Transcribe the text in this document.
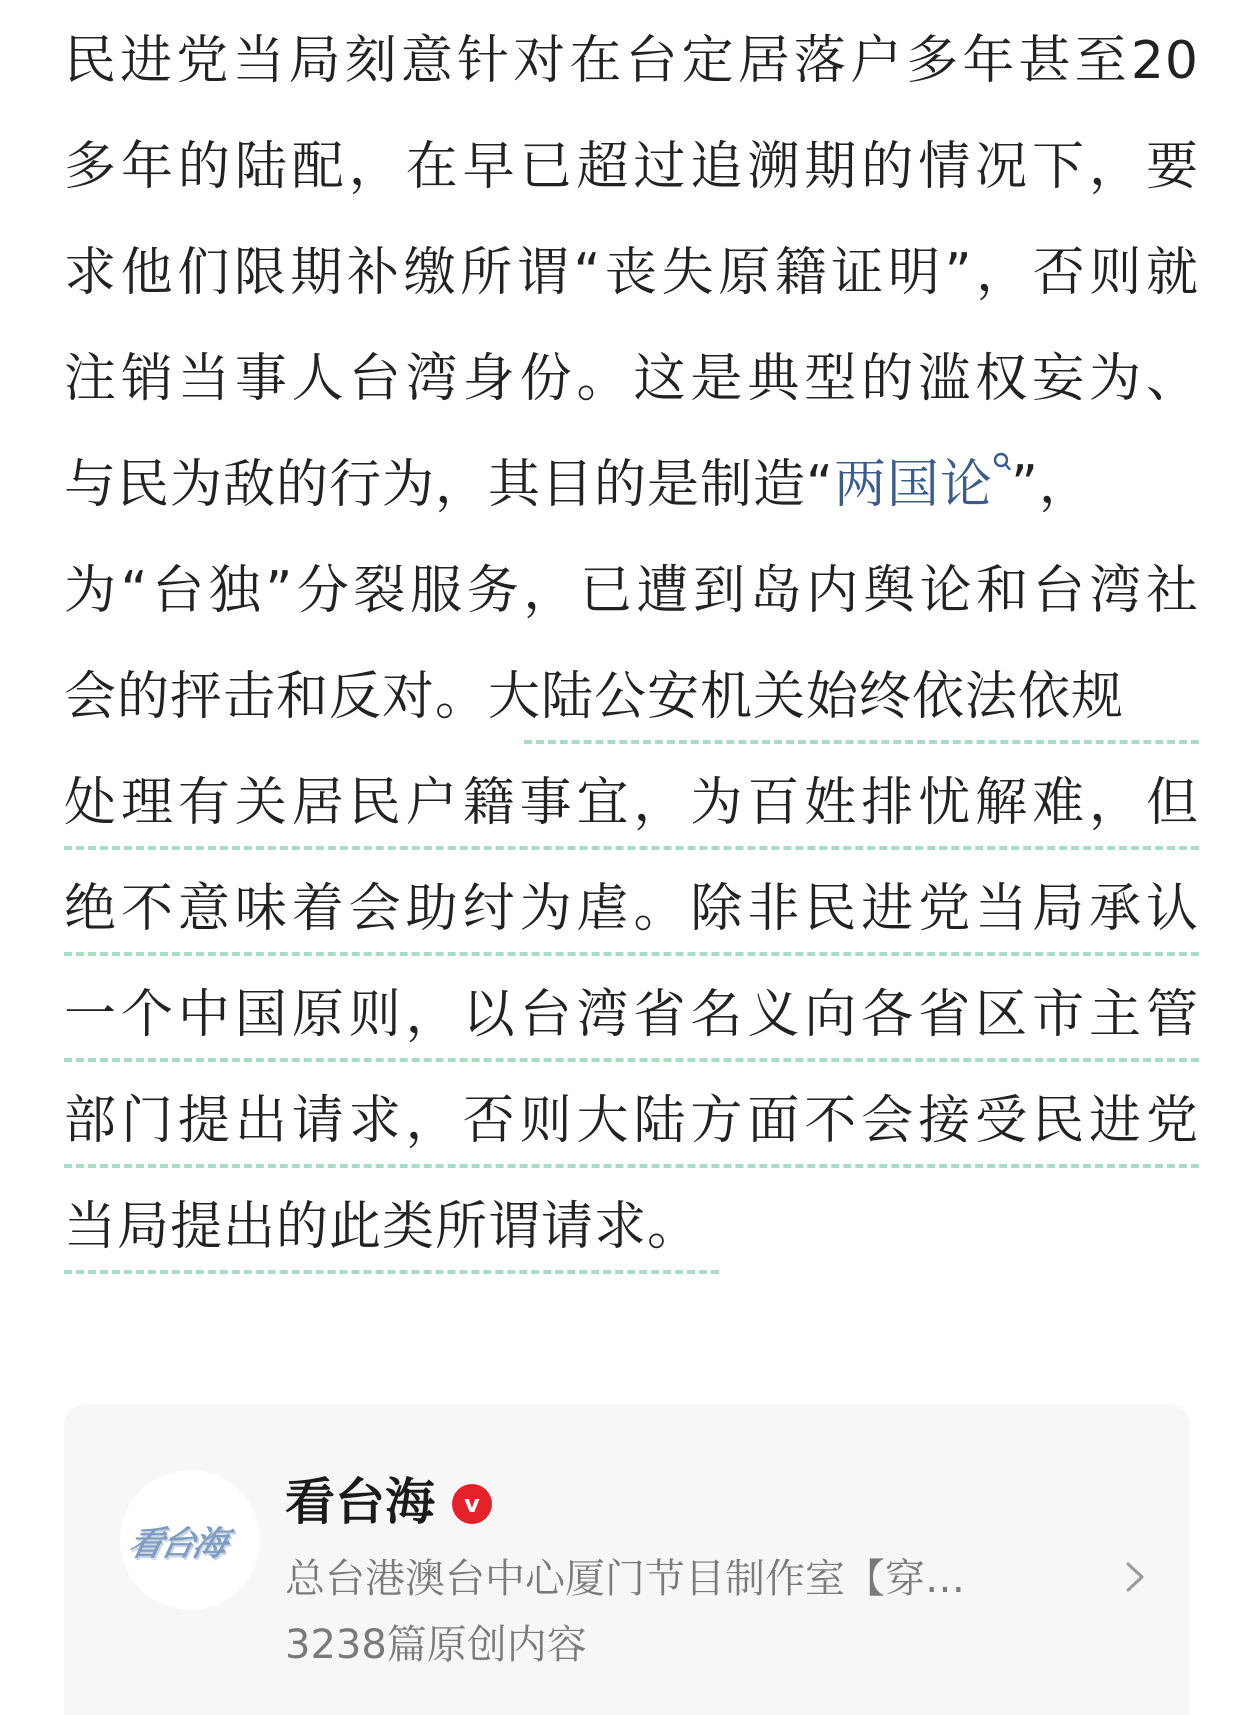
民进党当局刻意针对在台定居落户多年甚至20
多年的陆配，在早已超过追溯期的情况下，要
求他们限期补缴所谓“丧失原籍证明”，否则就
注销当事人台湾身份。这是典型的滥权妄为、
与民为敌的行为，其目的是制造“两国论 ”，
为“台独”分裂服务，已遭到岛内舆论和台湾社
会的抨击和反对。大陆公安机关始终依法依规
处理有关居民户籍事宜，为百姓排忧解难，但
绝不意味着会助纣为虐。除非民进党当局承认
一个中国原则，以台湾省名义向各省区市主管
部门提出请求，否则大陆方面不会接受民进党
当局提出的此类所谓请求。
看台海
看台海	v
总台港澳台中心厦门节目制作室【穿…
3238篇原创内容
